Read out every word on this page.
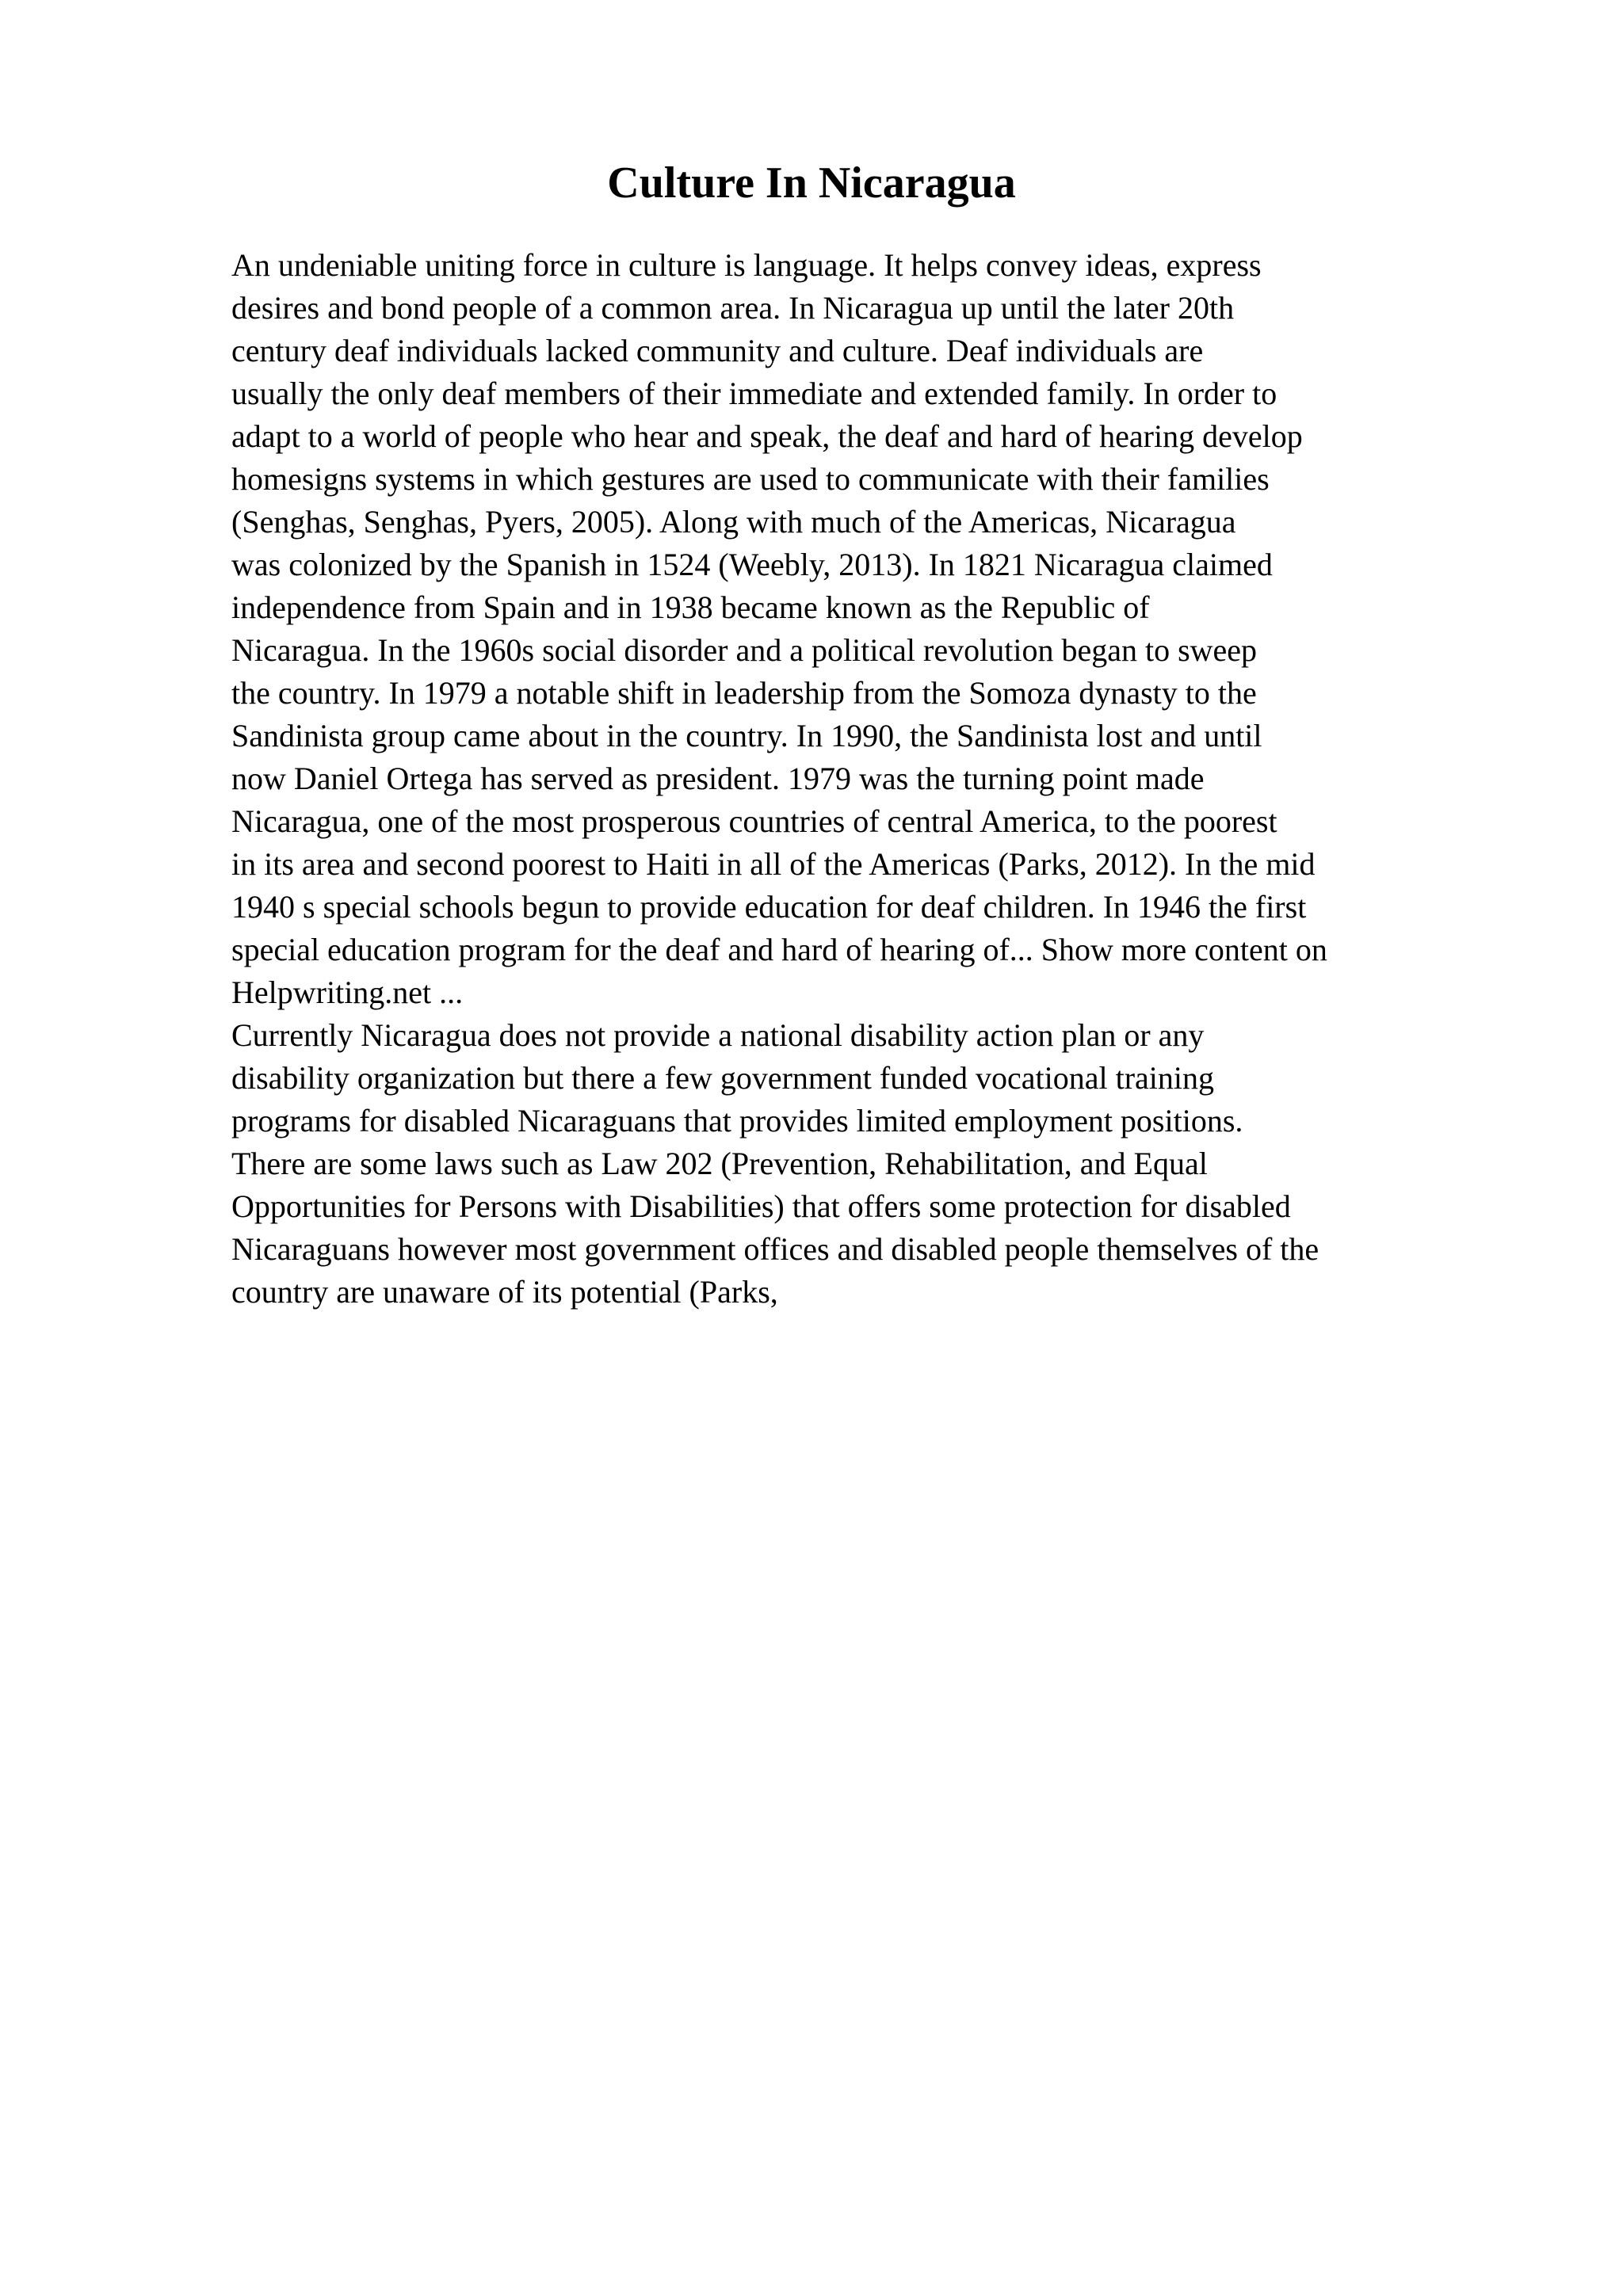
Culture In Nicaragua
An undeniable uniting force in culture is language. It helps convey ideas, express
desires and bond people of a common area. In Nicaragua up until the later 20th
century deaf individuals lacked community and culture. Deaf individuals are
usually the only deaf members of their immediate and extended family. In order to
adapt to a world of people who hear and speak, the deaf and hard of hearing develop
homesigns systems in which gestures are used to communicate with their families
(Senghas, Senghas, Pyers, 2005). Along with much of the Americas, Nicaragua
was colonized by the Spanish in 1524 (Weebly, 2013). In 1821 Nicaragua claimed
independence from Spain and in 1938 became known as the Republic of
Nicaragua. In the 1960s social disorder and a political revolution began to sweep
the country. In 1979 a notable shift in leadership from the Somoza dynasty to the
Sandinista group came about in the country. In 1990, the Sandinista lost and until
now Daniel Ortega has served as president. 1979 was the turning point made
Nicaragua, one of the most prosperous countries of central America, to the poorest
in its area and second poorest to Haiti in all of the Americas (Parks, 2012). In the mid
1940 s special schools begun to provide education for deaf children. In 1946 the first
special education program for the deaf and hard of hearing of... Show more content on
Helpwriting.net ...
Currently Nicaragua does not provide a national disability action plan or any
disability organization but there a few government funded vocational training
programs for disabled Nicaraguans that provides limited employment positions.
There are some laws such as Law 202 (Prevention, Rehabilitation, and Equal
Opportunities for Persons with Disabilities) that offers some protection for disabled
Nicaraguans however most government offices and disabled people themselves of the
country are unaware of its potential (Parks,
